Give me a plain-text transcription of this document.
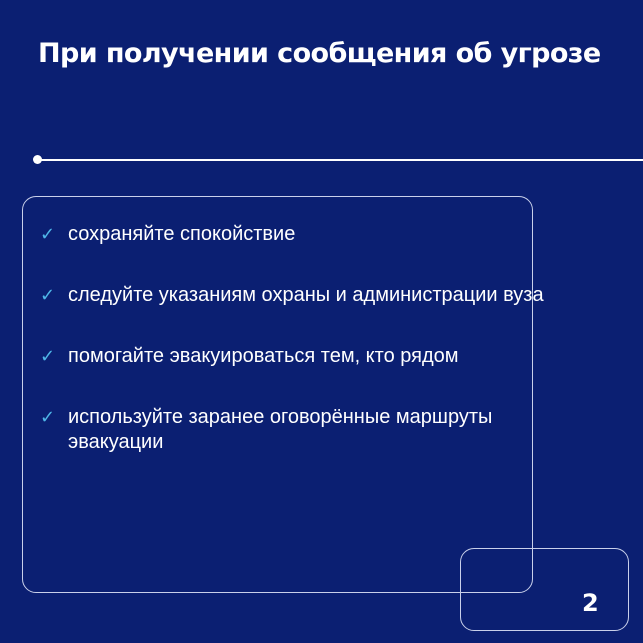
При получении сообщения об угрозе
✓ сохраняйте спокойствие
✓ следуйте указаниям охраны и администрации вуза
✓ помогайте эвакуироваться тем, кто рядом
✓ используйте заранее оговорённые маршруты эвакуации
2
